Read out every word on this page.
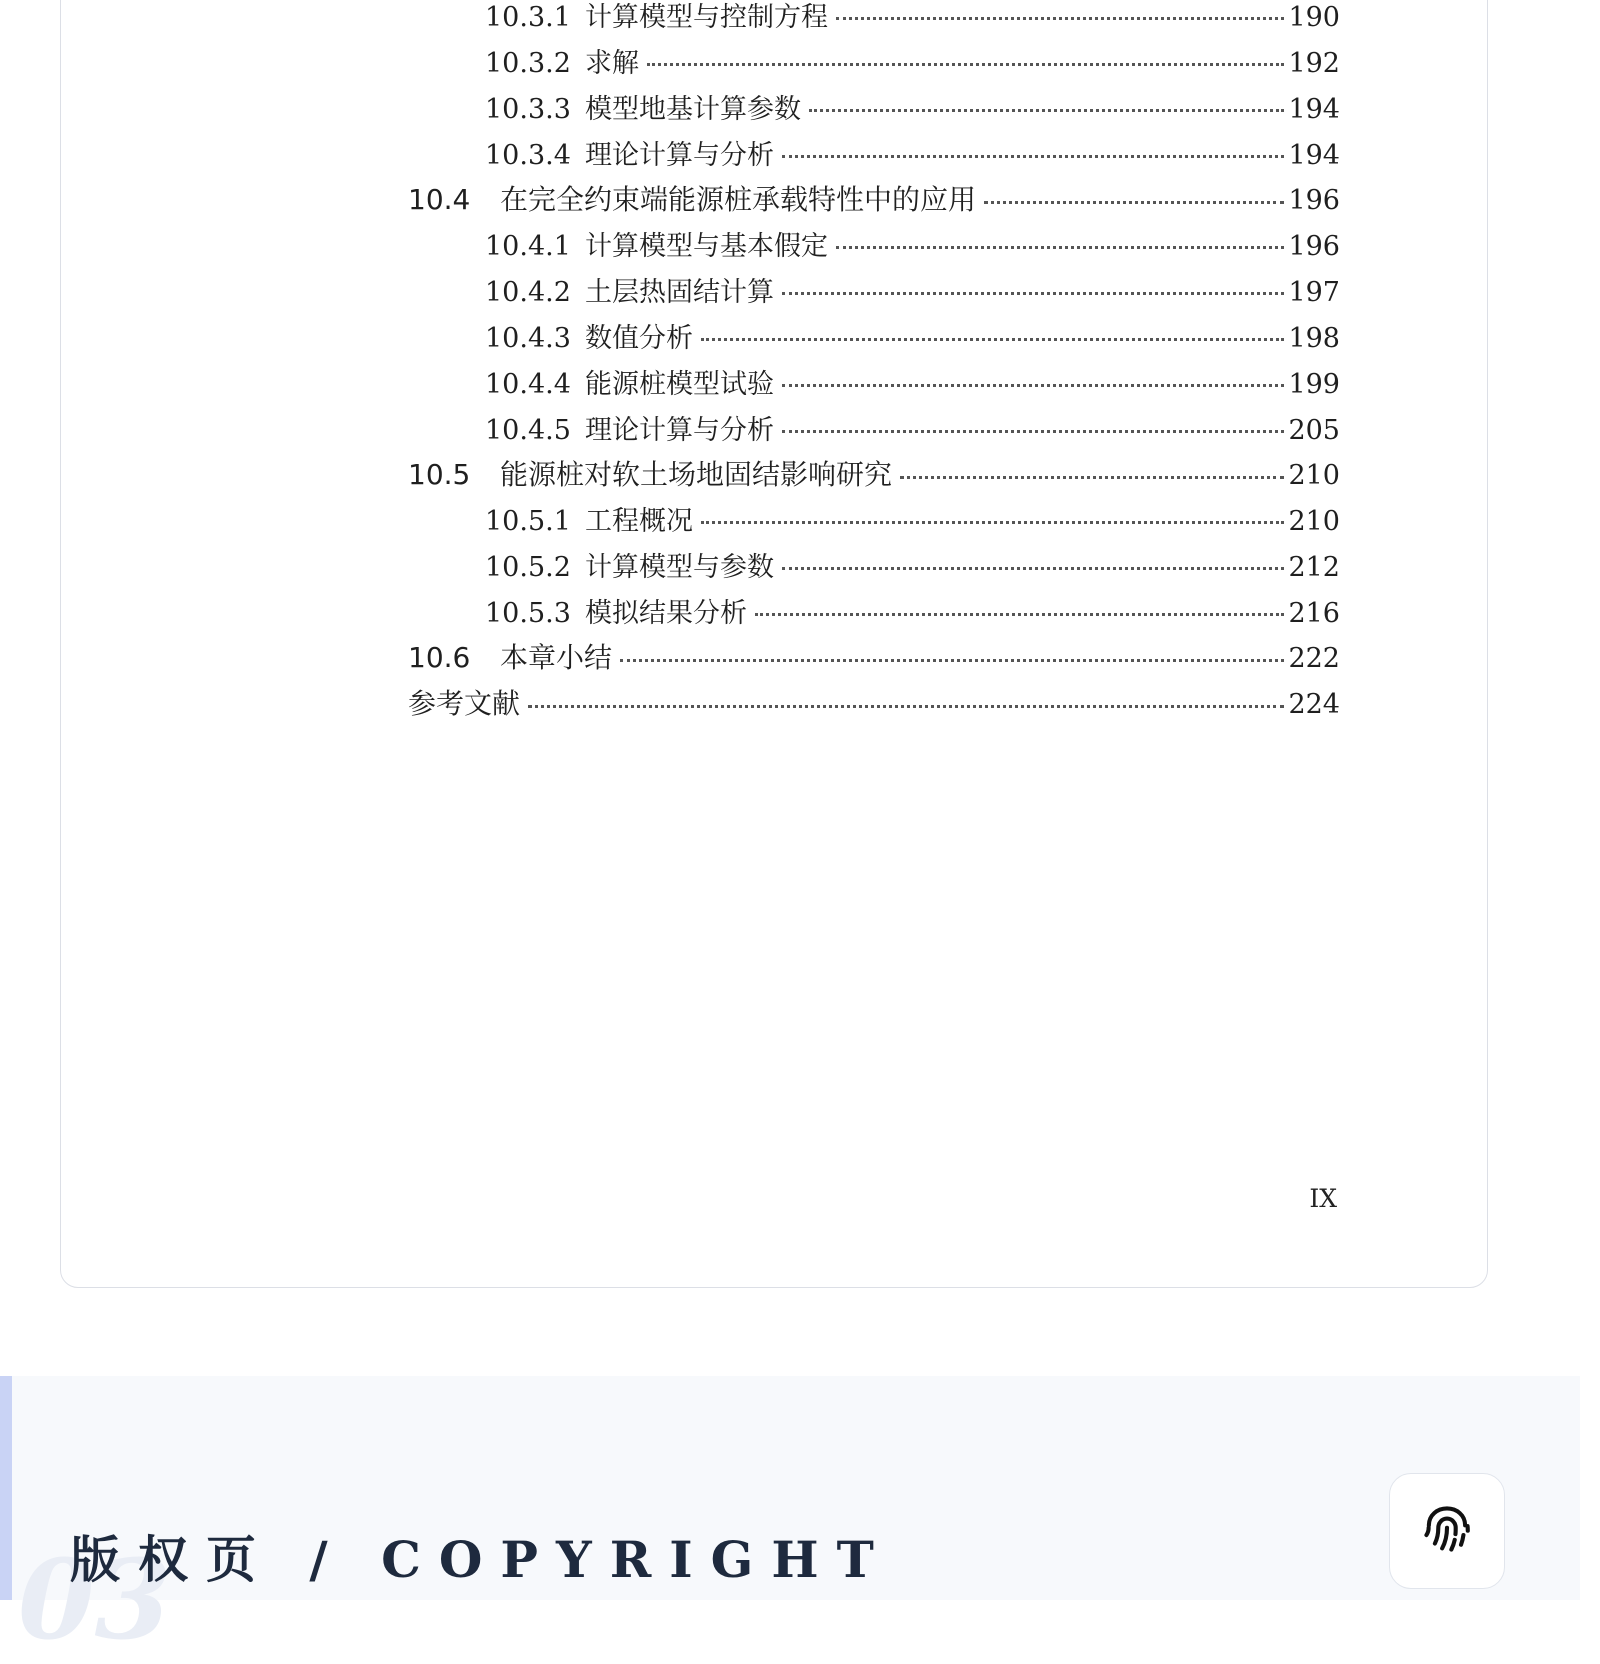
10.3.1 计算模型与控制方程	190
10.3.2 求解	192
10.3.3 模型地基计算参数	194
10.3.4 理论计算与分析	194
10.4	在完全约束端能源桩承载特性中的应用	196
10.4.1 计算模型与基本假定	196
10.4.2 土层热固结计算	197
10.4.3 数值分析	198
10.4.4 能源桩模型试验	199
10.4.5 理论计算与分析	205
10.5	能源桩对软土场地固结影响研究	210
10.5.1 工程概况	210
10.5.2 计算模型与参数	212
10.5.3 模拟结果分析	216
10.6	本章小结	222
参考文献	224
IX
03
版权页 / COPYRIGHT
